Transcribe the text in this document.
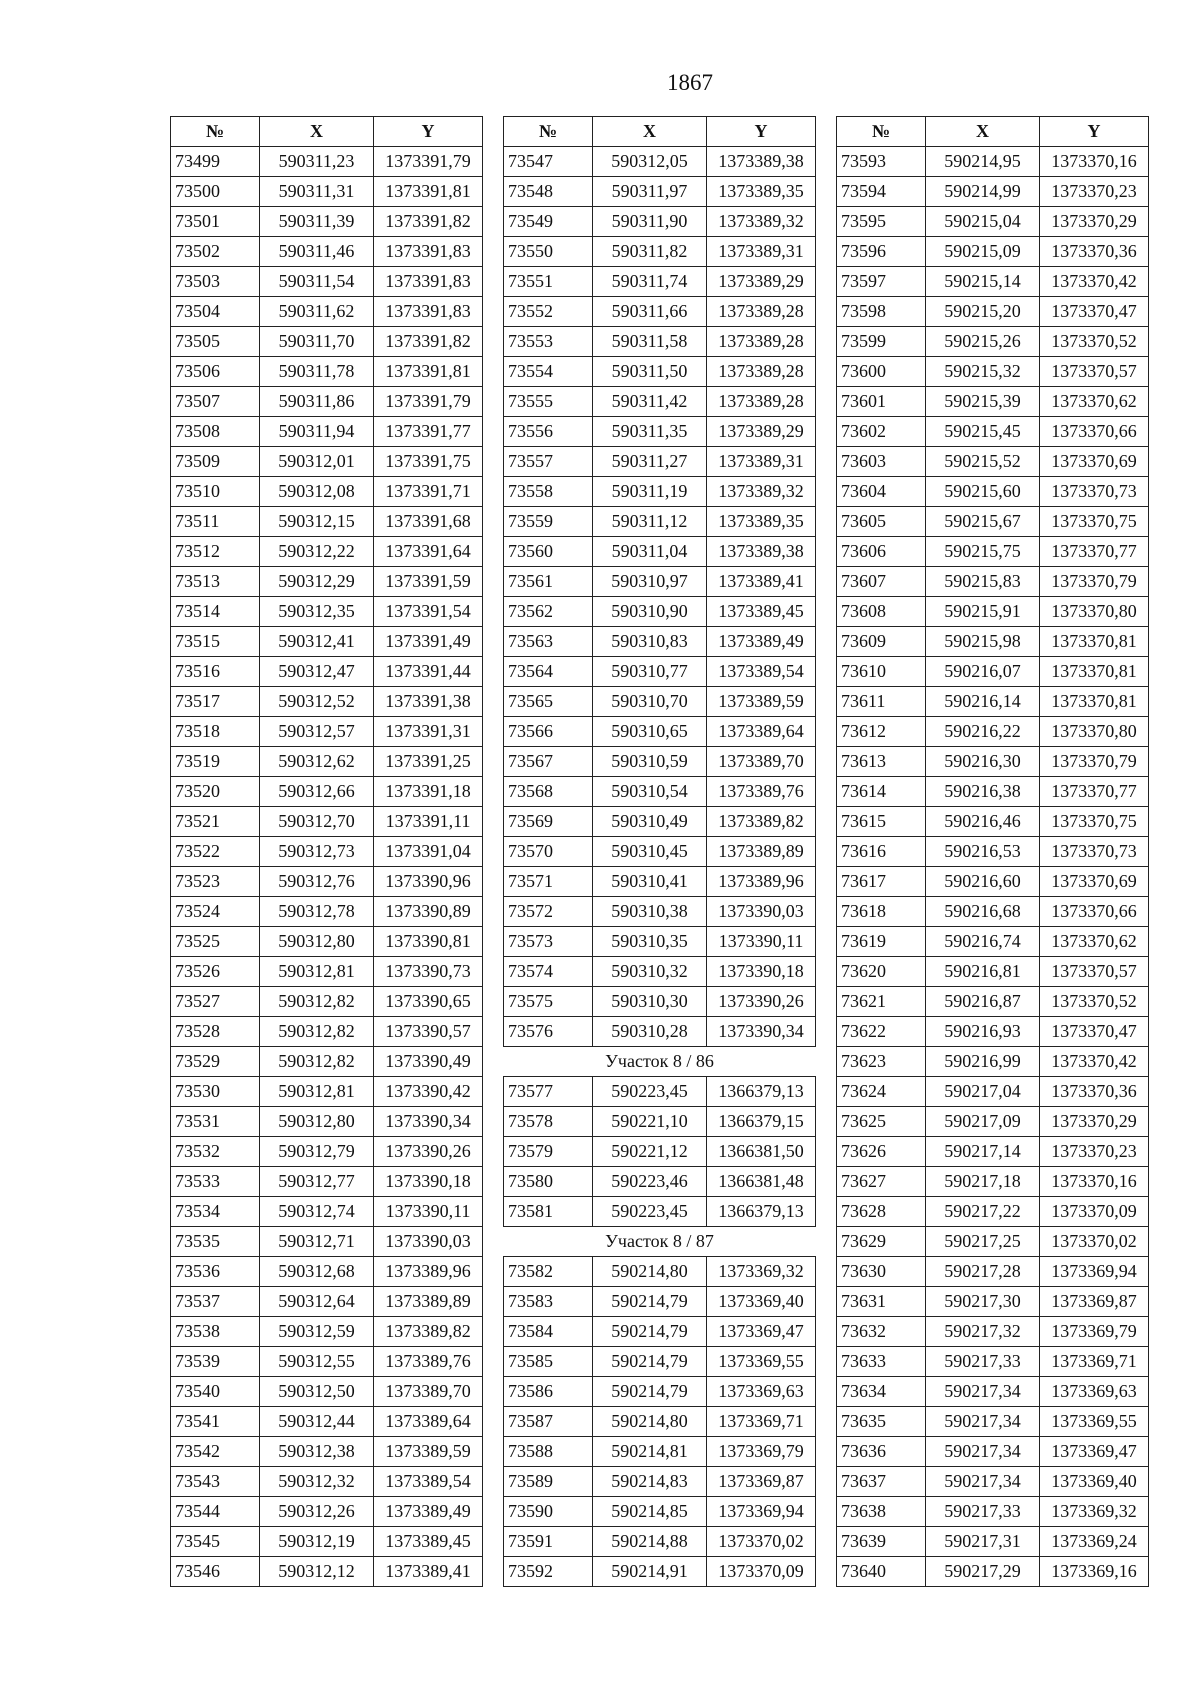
1867
№	X	Y
73499	590311,23	1373391,79
73500	590311,31	1373391,81
73501	590311,39	1373391,82
73502	590311,46	1373391,83
73503	590311,54	1373391,83
73504	590311,62	1373391,83
73505	590311,70	1373391,82
73506	590311,78	1373391,81
73507	590311,86	1373391,79
73508	590311,94	1373391,77
73509	590312,01	1373391,75
73510	590312,08	1373391,71
73511	590312,15	1373391,68
73512	590312,22	1373391,64
73513	590312,29	1373391,59
73514	590312,35	1373391,54
73515	590312,41	1373391,49
73516	590312,47	1373391,44
73517	590312,52	1373391,38
73518	590312,57	1373391,31
73519	590312,62	1373391,25
73520	590312,66	1373391,18
73521	590312,70	1373391,11
73522	590312,73	1373391,04
73523	590312,76	1373390,96
73524	590312,78	1373390,89
73525	590312,80	1373390,81
73526	590312,81	1373390,73
73527	590312,82	1373390,65
73528	590312,82	1373390,57
73529	590312,82	1373390,49
73530	590312,81	1373390,42
73531	590312,80	1373390,34
73532	590312,79	1373390,26
73533	590312,77	1373390,18
73534	590312,74	1373390,11
73535	590312,71	1373390,03
73536	590312,68	1373389,96
73537	590312,64	1373389,89
73538	590312,59	1373389,82
73539	590312,55	1373389,76
73540	590312,50	1373389,70
73541	590312,44	1373389,64
73542	590312,38	1373389,59
73543	590312,32	1373389,54
73544	590312,26	1373389,49
73545	590312,19	1373389,45
73546	590312,12	1373389,41
№	X	Y
73547	590312,05	1373389,38
73548	590311,97	1373389,35
73549	590311,90	1373389,32
73550	590311,82	1373389,31
73551	590311,74	1373389,29
73552	590311,66	1373389,28
73553	590311,58	1373389,28
73554	590311,50	1373389,28
73555	590311,42	1373389,28
73556	590311,35	1373389,29
73557	590311,27	1373389,31
73558	590311,19	1373389,32
73559	590311,12	1373389,35
73560	590311,04	1373389,38
73561	590310,97	1373389,41
73562	590310,90	1373389,45
73563	590310,83	1373389,49
73564	590310,77	1373389,54
73565	590310,70	1373389,59
73566	590310,65	1373389,64
73567	590310,59	1373389,70
73568	590310,54	1373389,76
73569	590310,49	1373389,82
73570	590310,45	1373389,89
73571	590310,41	1373389,96
73572	590310,38	1373390,03
73573	590310,35	1373390,11
73574	590310,32	1373390,18
73575	590310,30	1373390,26
73576	590310,28	1373390,34
Участок 8 / 86		
73577	590223,45	1366379,13
73578	590221,10	1366379,15
73579	590221,12	1366381,50
73580	590223,46	1366381,48
73581	590223,45	1366379,13
Участок 8 / 87		
73582	590214,80	1373369,32
73583	590214,79	1373369,40
73584	590214,79	1373369,47
73585	590214,79	1373369,55
73586	590214,79	1373369,63
73587	590214,80	1373369,71
73588	590214,81	1373369,79
73589	590214,83	1373369,87
73590	590214,85	1373369,94
73591	590214,88	1373370,02
73592	590214,91	1373370,09
№	X	Y
73593	590214,95	1373370,16
73594	590214,99	1373370,23
73595	590215,04	1373370,29
73596	590215,09	1373370,36
73597	590215,14	1373370,42
73598	590215,20	1373370,47
73599	590215,26	1373370,52
73600	590215,32	1373370,57
73601	590215,39	1373370,62
73602	590215,45	1373370,66
73603	590215,52	1373370,69
73604	590215,60	1373370,73
73605	590215,67	1373370,75
73606	590215,75	1373370,77
73607	590215,83	1373370,79
73608	590215,91	1373370,80
73609	590215,98	1373370,81
73610	590216,07	1373370,81
73611	590216,14	1373370,81
73612	590216,22	1373370,80
73613	590216,30	1373370,79
73614	590216,38	1373370,77
73615	590216,46	1373370,75
73616	590216,53	1373370,73
73617	590216,60	1373370,69
73618	590216,68	1373370,66
73619	590216,74	1373370,62
73620	590216,81	1373370,57
73621	590216,87	1373370,52
73622	590216,93	1373370,47
73623	590216,99	1373370,42
73624	590217,04	1373370,36
73625	590217,09	1373370,29
73626	590217,14	1373370,23
73627	590217,18	1373370,16
73628	590217,22	1373370,09
73629	590217,25	1373370,02
73630	590217,28	1373369,94
73631	590217,30	1373369,87
73632	590217,32	1373369,79
73633	590217,33	1373369,71
73634	590217,34	1373369,63
73635	590217,34	1373369,55
73636	590217,34	1373369,47
73637	590217,34	1373369,40
73638	590217,33	1373369,32
73639	590217,31	1373369,24
73640	590217,29	1373369,16
